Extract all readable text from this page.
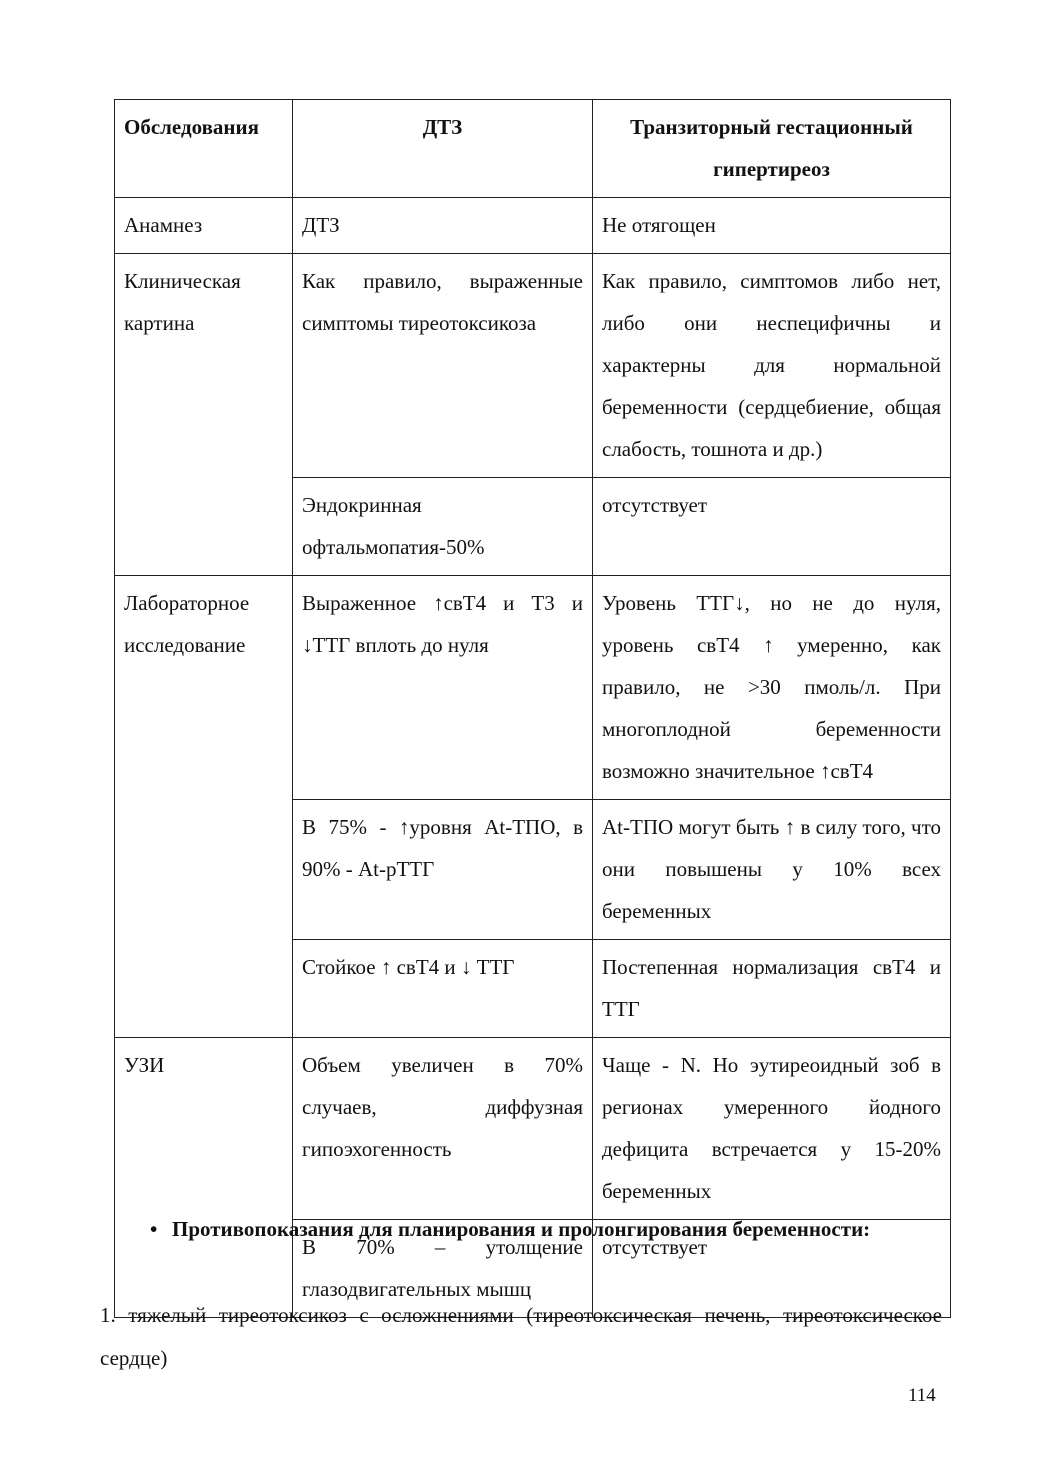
Обследования	ДТЗ	Транзиторный гестационный гипертиреоз
Анамнез	ДТЗ	Не отягощен
Клиническая картина	Как правило, выраженные симптомы тиреотоксикоза	Как правило, симптомов либо нет, либо они неспецифичны и характерны для нормальной беременности (сердцебиение, общая слабость, тошнота и др.)
	Эндокринная офтальмопатия-50%	отсутствует
Лабораторное исследование	Выраженное ↑свТ4 и Т3 и ↓ТТГ вплоть до нуля	Уровень ТТГ↓, но не до нуля, уровень свТ4 ↑ умеренно, как правило, не >30 пмоль/л. При многоплодной беременности возможно значительное ↑свТ4
	В 75% - ↑уровня At-ТПО, в 90% - At-рТТГ	At-ТПО могут быть ↑ в силу того, что они повышены у 10% всех беременных
	Стойкое ↑ свТ4 и ↓ ТТГ	Постепенная нормализация свТ4 и ТТГ
УЗИ	Объем увеличен в 70% случаев, диффузная гипоэхогенность	Чаще - N. Но эутиреоидный зоб в регионах умеренного йодного дефицита встречается у 15-20% беременных
	В 70% – утолщение глазодвигательных мышц	отсутствует
• Противопоказания для планирования и пролонгирования беременности:
1. тяжелый тиреотоксикоз с осложнениями (тиреотоксическая печень, тиреотоксическое сердце)
114
